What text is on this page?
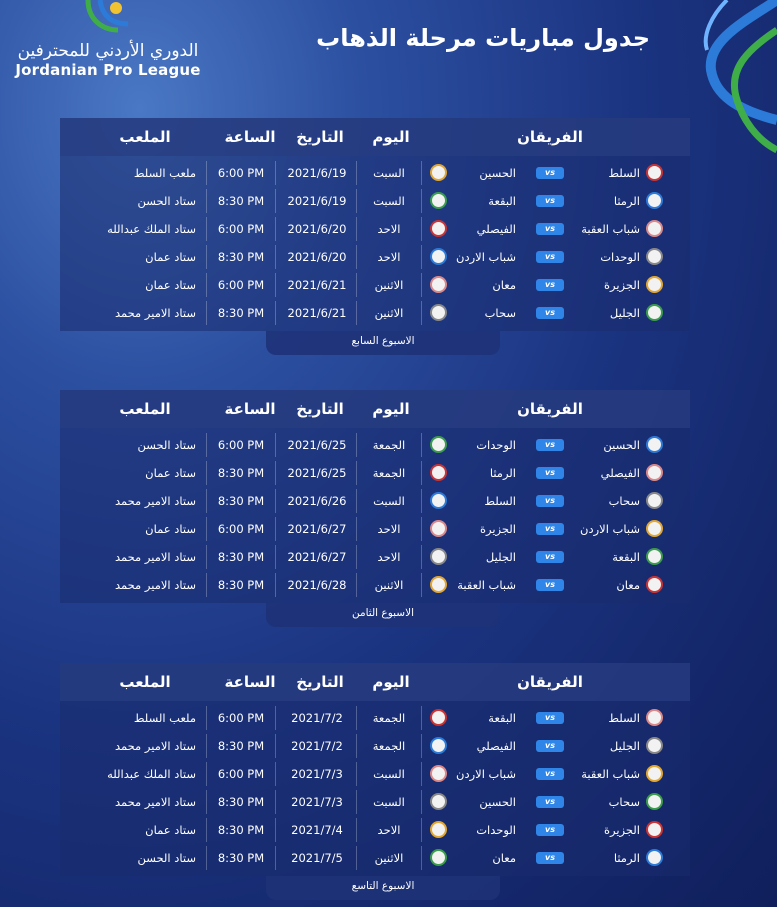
الدوري الأردني للمحترفين
Jordanian Pro League
جدول مباريات مرحلة الذهاب
الملعب	الساعة	التاريخ	اليوم	الفريقان
ملعب السلط	6:00 PM	2021/6/19	السبت	الحسين	السلط
vs
ستاد الحسن	8:30 PM	2021/6/19	السبت	البقعة	الرمثا
vs
ستاد الملك عبدالله	6:00 PM	2021/6/20	الاحد	الفيصلي	شباب العقبة
vs
ستاد عمان	8:30 PM	2021/6/20	الاحد	شباب الاردن	الوحدات
vs
ستاد عمان	6:00 PM	2021/6/21	الاثنين	معان	الجزيرة
vs
ستاد الامير محمد	8:30 PM	2021/6/21	الاثنين	سحاب	الجليل
vs
الاسبوع السابع
الملعب	الساعة	التاريخ	اليوم	الفريقان
ستاد الحسن	6:00 PM	2021/6/25	الجمعة	الوحدات	الحسين
vs
ستاد عمان	8:30 PM	2021/6/25	الجمعة	الرمثا	الفيصلي
vs
ستاد الامير محمد	8:30 PM	2021/6/26	السبت	السلط	سحاب
vs
ستاد عمان	6:00 PM	2021/6/27	الاحد	الجزيرة	شباب الاردن
vs
ستاد الامير محمد	8:30 PM	2021/6/27	الاحد	الجليل	البقعة
vs
ستاد الامير محمد	8:30 PM	2021/6/28	الاثنين	شباب العقبة	معان
vs
الاسبوع الثامن
الملعب	الساعة	التاريخ	اليوم	الفريقان
ملعب السلط	6:00 PM	2021/7/2	الجمعة	البقعة	السلط
vs
ستاد الامير محمد	8:30 PM	2021/7/2	الجمعة	الفيصلي	الجليل
vs
ستاد الملك عبدالله	6:00 PM	2021/7/3	السبت	شباب الاردن	شباب العقبة
vs
ستاد الامير محمد	8:30 PM	2021/7/3	السبت	الحسين	سحاب
vs
ستاد عمان	8:30 PM	2021/7/4	الاحد	الوحدات	الجزيرة
vs
ستاد الحسن	8:30 PM	2021/7/5	الاثنين	معان	الرمثا
vs
الاسبوع التاسع
